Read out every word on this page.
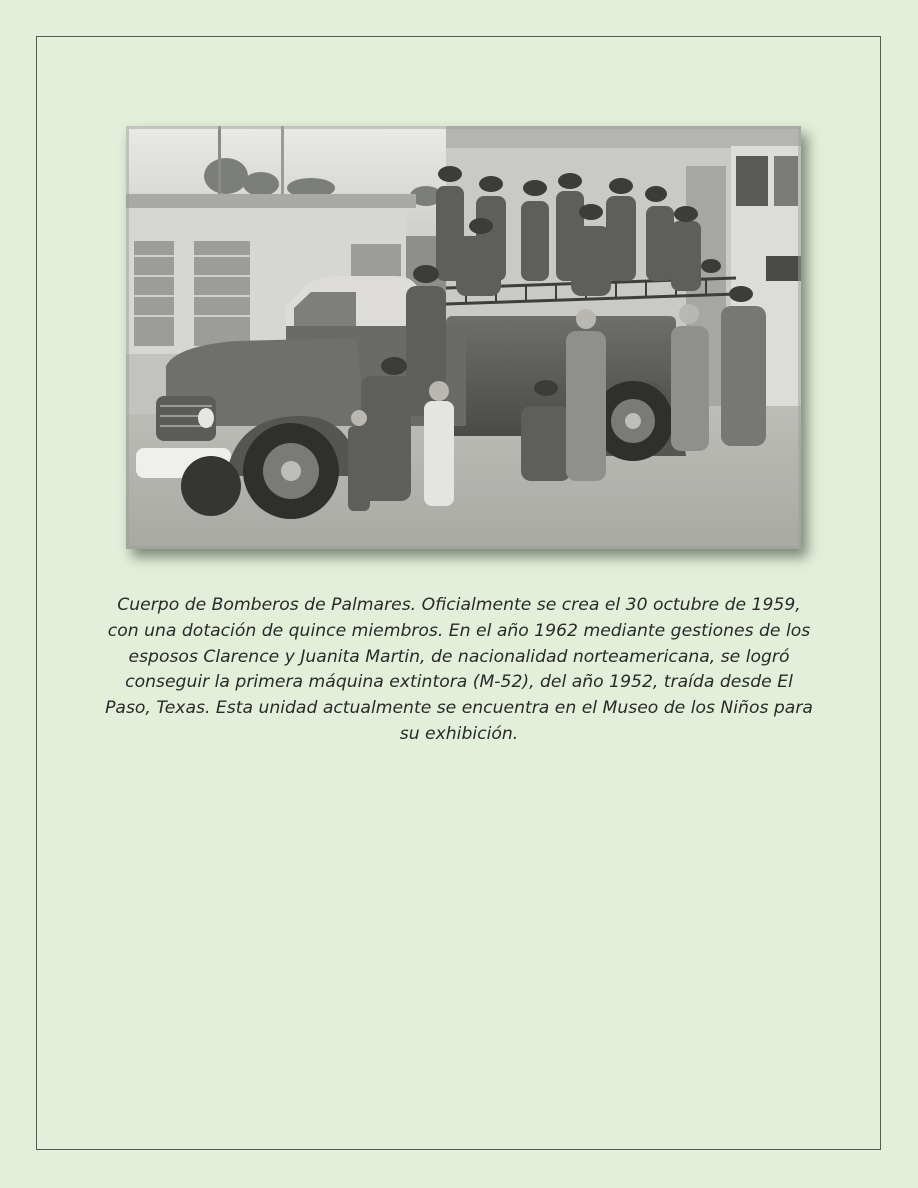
Cuerpo de Bomberos de Palmares. Oficialmente se crea el 30 octubre de 1959, con una dotación de quince miembros. En el año 1962 mediante gestiones de los esposos Clarence y Juanita Martin, de nacionalidad norteamericana, se logró conseguir la primera máquina extintora (M-52), del año 1952, traída desde El Paso, Texas. Esta unidad actualmente se encuentra en el Museo de los Niños para su exhibición.
